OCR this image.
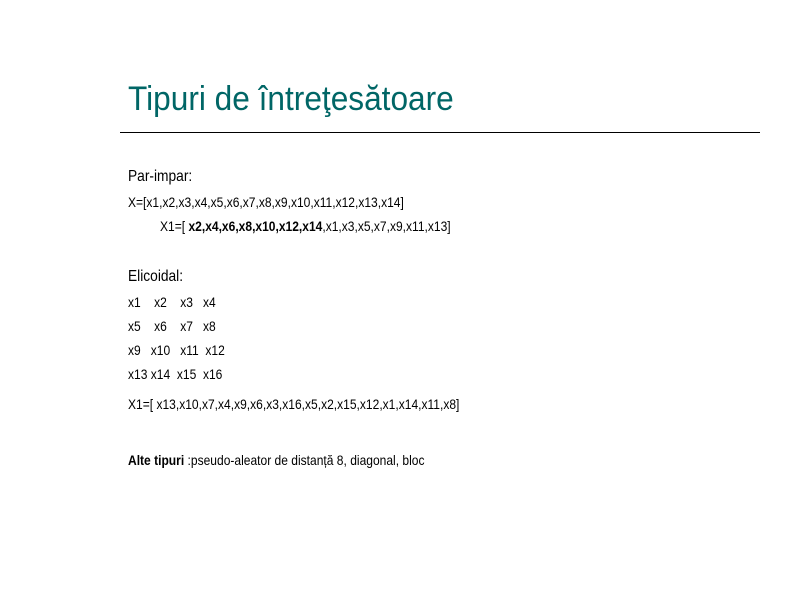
Tipuri de întreţesătoare
Par-impar:
X=[x1,x2,x3,x4,x5,x6,x7,x8,x9,x10,x11,x12,x13,x14]
X1=[ x2,x4,x6,x8,x10,x12,x14,x1,x3,x5,x7,x9,x11,x13]
Elicoidal:
x1    x2    x3   x4
x5    x6    x7   x8
x9   x10   x11  x12
x13 x14  x15  x16
X1=[ x13,x10,x7,x4,x9,x6,x3,x16,x5,x2,x15,x12,x1,x14,x11,x8]
Alte tipuri :pseudo-aleator de distanță 8, diagonal, bloc
